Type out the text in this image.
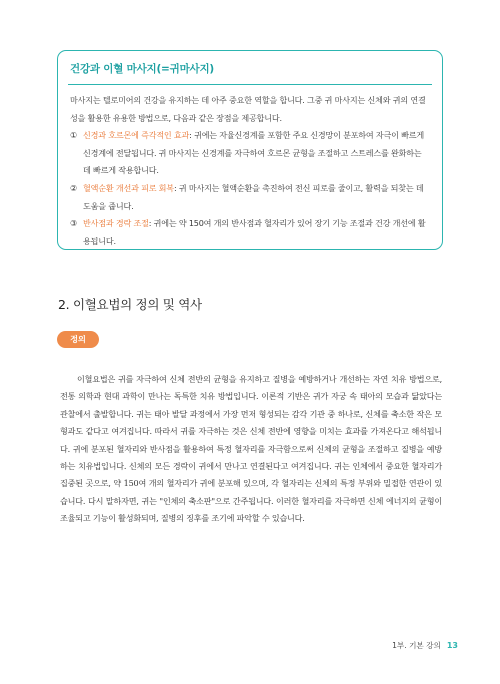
건강과 이혈 마사지(=귀마사지)

마사지는 텔로미어의 건강을 유지하는 데 아주 중요한 역할을 합니다. 그중 귀 마사지는 신체와 귀의 연결성을 활용한 유용한 방법으로, 다음과 같은 장점을 제공합니다.

① 신경과 호르몬에 즉각적인 효과: 귀에는 자율신경계를 포함한 주요 신경망이 분포하여 자극이 빠르게 신경계에 전달됩니다. 귀 마사지는 신경계를 자극하여 호르몬 균형을 조절하고 스트레스를 완화하는 데 빠르게 작용합니다.
② 혈액순환 개선과 피로 회복: 귀 마사지는 혈액순환을 촉진하여 전신 피로를 줄이고, 활력을 되찾는 데 도움을 줍니다.
③ 반사점과 경락 조절: 귀에는 약 150여 개의 반사점과 혈자리가 있어 장기 기능 조절과 건강 개선에 활용됩니다.
2. 이혈요법의 정의 및 역사
정의
이혈요법은 귀를 자극하여 신체 전반의 균형을 유지하고 질병을 예방하거나 개선하는 자연 치유 방법으로, 전통 의학과 현대 과학이 만나는 독특한 치유 방법입니다. 이론적 기반은 귀가 자궁 속 태아의 모습과 닮았다는 관찰에서 출발합니다. 귀는 태아 발달 과정에서 가장 먼저 형성되는 감각 기관 중 하나로, 신체를 축소한 작은 모형과도 같다고 여겨집니다. 따라서 귀를 자극하는 것은 신체 전반에 영향을 미치는 효과를 가져온다고 해석됩니다. 귀에 분포된 혈자리와 반사점을 활용하여 특정 혈자리를 자극함으로써 신체의 균형을 조절하고 질병을 예방하는 치유법입니다. 신체의 모든 경락이 귀에서 만나고 연결된다고 여겨집니다. 귀는 인체에서 중요한 혈자리가 집중된 곳으로, 약 150여 개의 혈자리가 귀에 분포해 있으며, 각 혈자리는 신체의 특정 부위와 밀접한 연관이 있습니다. 다시 말하자면, 귀는 "인체의 축소판"으로 간주됩니다. 이러한 혈자리를 자극하면 신체 에너지의 균형이 조율되고 기능이 활성화되며, 질병의 징후를 조기에 파악할 수 있습니다.
1부. 기본 강의 13
